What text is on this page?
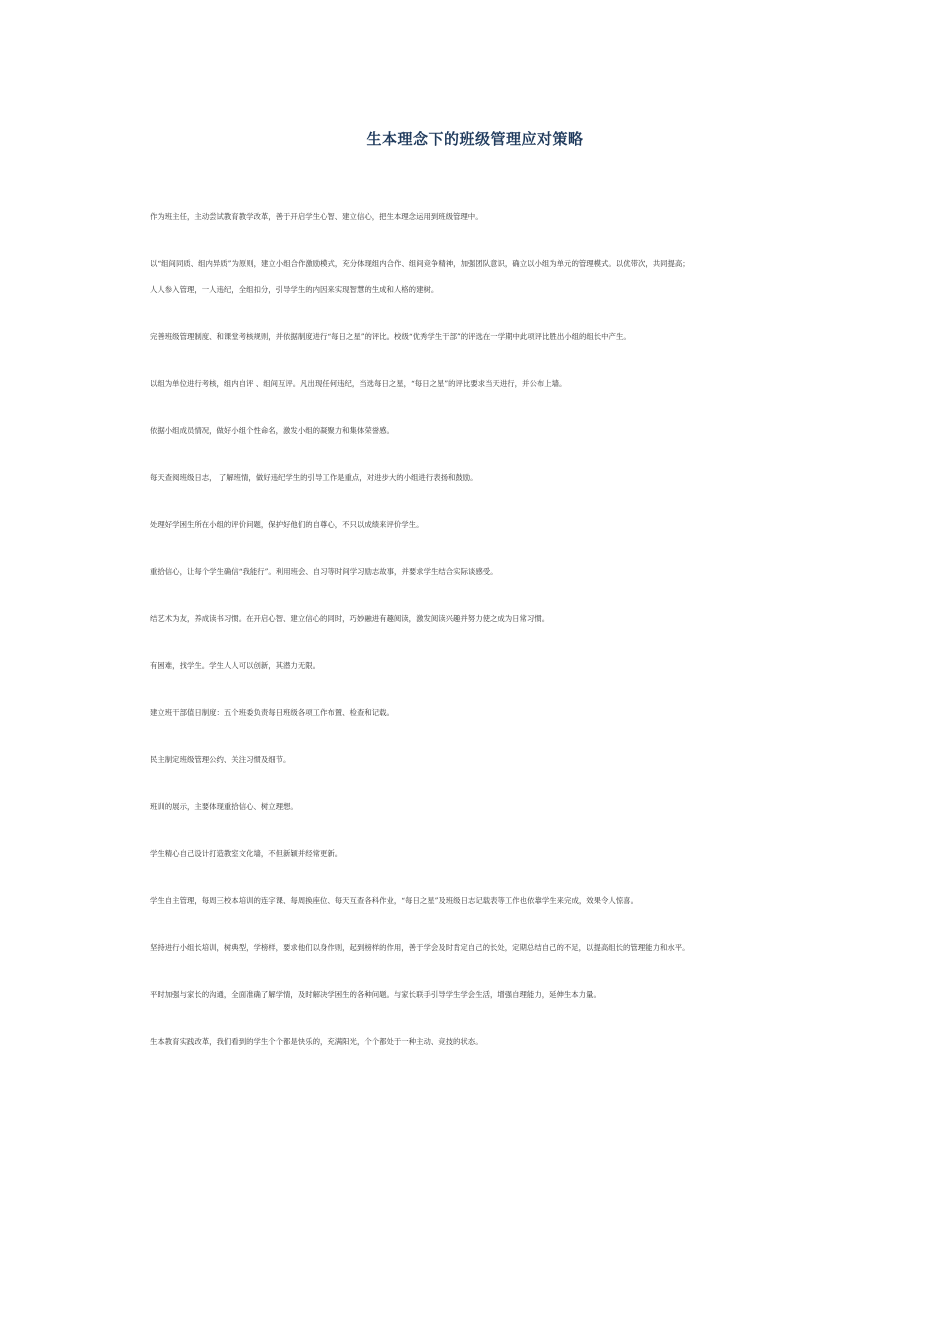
生本理念下的班级管理应对策略

作为班主任，主动尝试教育教学改革，善于开启学生心智、建立信心，把生本理念运用到班级管理中。

以“组间同质、组内异质”为原则，建立小组合作激励模式，充分体现组内合作、组间竞争精神，加强团队意识，确立以小组为单元的管理模式。以优带次，共同提高；
人人参入管理，一人违纪，全组扣分，引导学生的内因来实现智慧的生成和人格的建树。

完善班级管理制度、和课堂考核规则，并依据制度进行“每日之星”的评比。校级“优秀学生干部”的评选在一学期中此项评比胜出小组的组长中产生。

以组为单位进行考核，组内自评 、组间互评。凡出现任何违纪，当选每日之星，“每日之星”的评比要求当天进行，并公布上墙。

依据小组成员情况，做好小组个性命名，激发小组的凝聚力和集体荣誉感。

每天查阅班级日志， 了解班情，做好违纪学生的引导工作是重点，对进步大的小组进行表扬和鼓励。

处理好学困生所在小组的评价问题，保护好他们的自尊心，不只以成绩来评价学生。

重拾信心，让每个学生确信“我能行”。利用班会、自习等时间学习励志故事，并要求学生结合实际谈感受。

结艺术为友，养成读书习惯。在开启心智、建立信心的同时，巧妙融进有趣阅读，激发阅读兴趣并努力使之成为日常习惯。

有困难，找学生。学生人人可以创新，其潜力无限。

建立班干部值日制度：五个班委负责每日班级各项工作布置、检查和记载。

民主制定班级管理公约、关注习惯及细节。

班训的展示，主要体现重拾信心、树立理想。

学生精心自己设计打造教室文化墙，不但新颖并经常更新。

学生自主管理，每周三校本培训的连字课、每周换座位、每天互查各科作业，“每日之星”及班级日志记载表等工作也依靠学生来完成，效果令人惊喜。

坚持进行小组长培训，树典型，学榜样，要求他们以身作则，起到榜样的作用，善于学会及时肯定自己的长处，定期总结自己的不足，以提高组长的管理能力和水平。

平时加强与家长的沟通，全面准确了解学情，及时解决学困生的各种问题。与家长联手引导学生学会生活，增强自理能力，延伸生本力量。

生本教育实践改革，我们看到的学生个个都是快乐的，充满阳光，个个都处于一种主动、竞技的状态。
